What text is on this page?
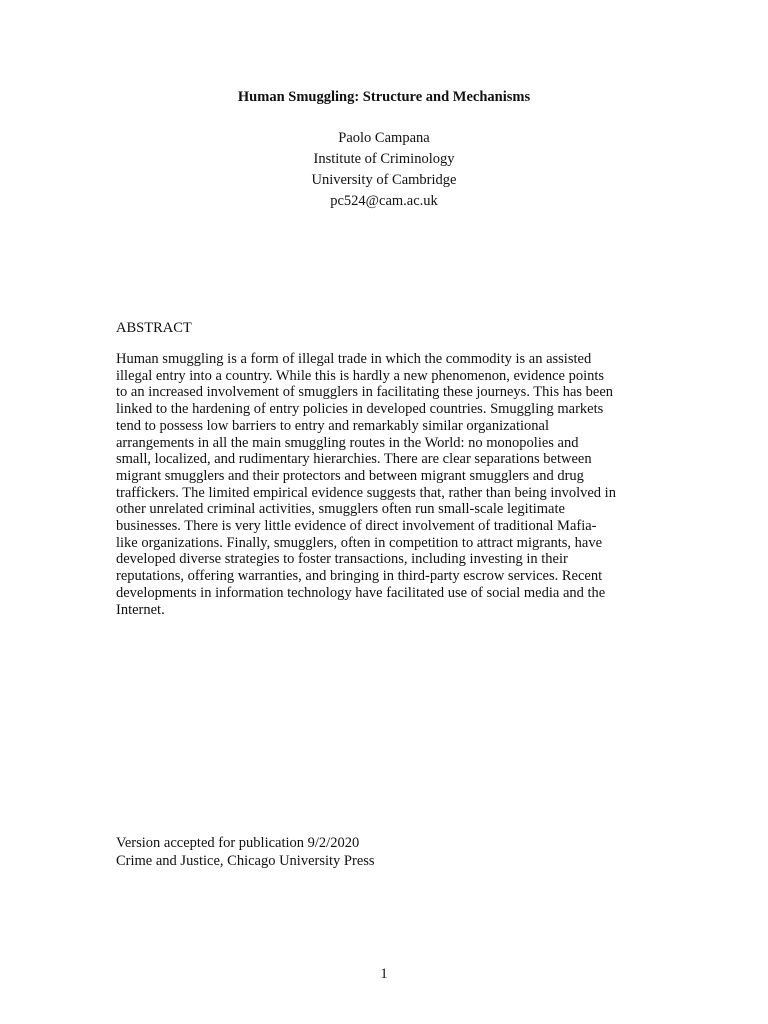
Human Smuggling: Structure and Mechanisms
Paolo Campana
Institute of Criminology
University of Cambridge
pc524@cam.ac.uk
ABSTRACT
Human smuggling is a form of illegal trade in which the commodity is an assisted
illegal entry into a country. While this is hardly a new phenomenon, evidence points
to an increased involvement of smugglers in facilitating these journeys. This has been
linked to the hardening of entry policies in developed countries. Smuggling markets
tend to possess low barriers to entry and remarkably similar organizational
arrangements in all the main smuggling routes in the World: no monopolies and
small, localized, and rudimentary hierarchies. There are clear separations between
migrant smugglers and their protectors and between migrant smugglers and drug
traffickers. The limited empirical evidence suggests that, rather than being involved in
other unrelated criminal activities, smugglers often run small-scale legitimate
businesses. There is very little evidence of direct involvement of traditional Mafia-
like organizations. Finally, smugglers, often in competition to attract migrants, have
developed diverse strategies to foster transactions, including investing in their
reputations, offering warranties, and bringing in third-party escrow services. Recent
developments in information technology have facilitated use of social media and the
Internet.
Version accepted for publication 9/2/2020
Crime and Justice, Chicago University Press
1
